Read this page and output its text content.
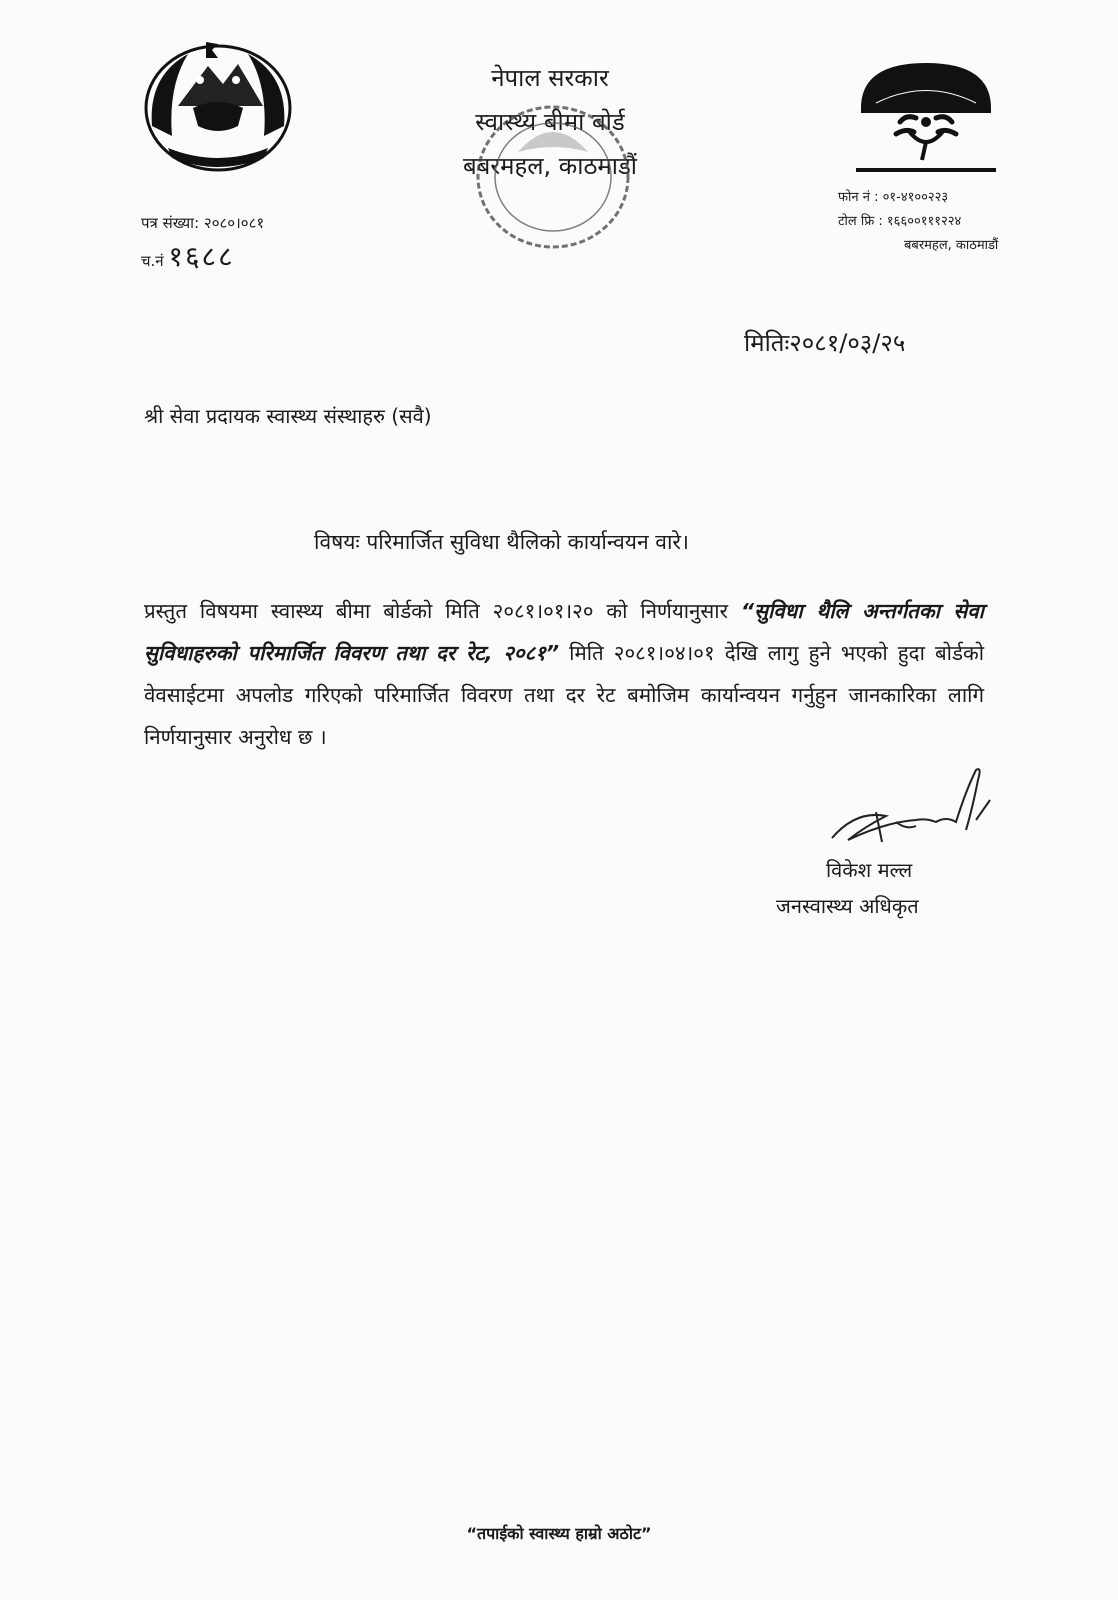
नेपाल सरकार
स्वास्थ्य बीमा बोर्ड
बबरमहल, काठमाडौं
फोन नं : ०१-४१००२२३
टोल फ्रि : १६६००१११२२४
बबरमहल, काठमाडौं
पत्र संख्या: २०८०।०८१
च.नं १६८८
मितिः२०८१/०३/२५
श्री सेवा प्रदायक स्वास्थ्य संस्थाहरु (सवै)
विषयः परिमार्जित सुविधा थैलिको कार्यान्वयन वारे।
प्रस्तुत विषयमा स्वास्थ्य बीमा बोर्डको मिति २०८१।०१।२० को निर्णयानुसार “सुविधा थैलि अन्तर्गतका सेवा सुविधाहरुको परिमार्जित विवरण तथा दर रेट, २०८१” मिति २०८१।०४।०१ देखि लागु हुने भएको हुदा बोर्डको वेवसाईटमा अपलोड गरिएको परिमार्जित विवरण तथा दर रेट बमोजिम कार्यान्वयन गर्नुहुन जानकारिका लागि निर्णयानुसार अनुरोध छ ।
विकेश मल्ल
जनस्वास्थ्य अधिकृत
“तपाईको स्वास्थ्य हाम्रो अठोट”
